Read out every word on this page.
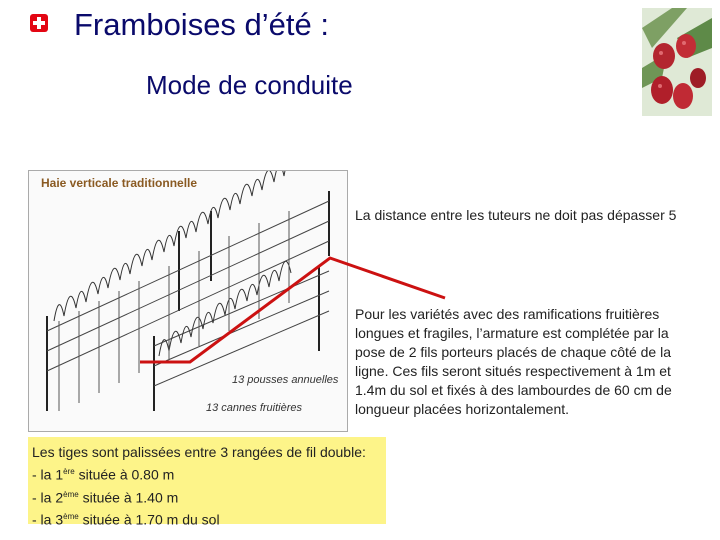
Framboises d’été :
Mode de conduite
Haie verticale traditionnelle
13 pousses annuelles
13 cannes fruitières
La distance entre les tuteurs ne doit pas dépasser 5
Pour les variétés avec des ramifications fruitières longues et fragiles, l’armature est complétée par la pose de 2 fils porteurs placés de chaque côté de la ligne. Ces fils seront situés respectivement à 1m et 1.4m du sol et fixés à des lambourdes de 60 cm de longueur placées horizontalement.
Les tiges sont palissées entre 3 rangées de fil double:
- la 1ère située à 0.80 m
- la 2ème située à 1.40 m
- la 3ème située à 1.70 m du sol
